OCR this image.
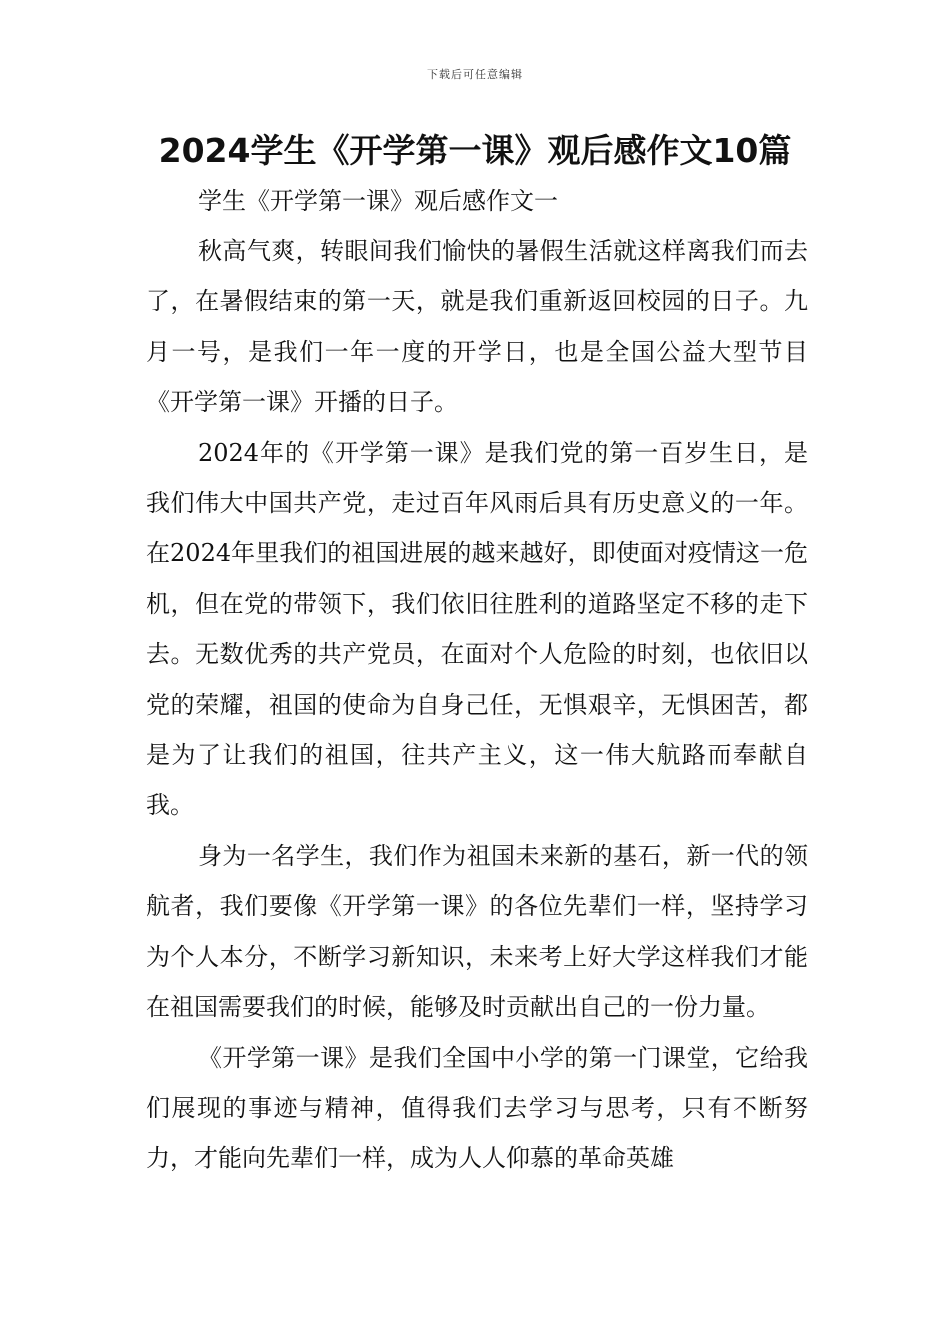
下载后可任意编辑
2024学生《开学第一课》观后感作文10篇

学生《开学第一课》观后感作文一

秋高气爽，转眼间我们愉快的暑假生活就这样离我们而去了，在暑假结束的第一天，就是我们重新返回校园的日子。九月一号，是我们一年一度的开学日，也是全国公益大型节目《开学第一课》开播的日子。

2024年的《开学第一课》是我们党的第一百岁生日，是我们伟大中国共产党，走过百年风雨后具有历史意义的一年。在2024年里我们的祖国进展的越来越好，即使面对疫情这一危机，但在党的带领下，我们依旧往胜利的道路坚定不移的走下去。无数优秀的共产党员，在面对个人危险的时刻，也依旧以党的荣耀，祖国的使命为自身己任，无惧艰辛，无惧困苦，都是为了让我们的祖国，往共产主义，这一伟大航路而奉献自我。

身为一名学生，我们作为祖国未来新的基石，新一代的领航者，我们要像《开学第一课》的各位先辈们一样，坚持学习为个人本分，不断学习新知识，未来考上好大学这样我们才能在祖国需要我们的时候，能够及时贡献出自己的一份力量。

《开学第一课》是我们全国中小学的第一门课堂，它给我们展现的事迹与精神，值得我们去学习与思考，只有不断努力，才能向先辈们一样，成为人人仰慕的革命英雄
